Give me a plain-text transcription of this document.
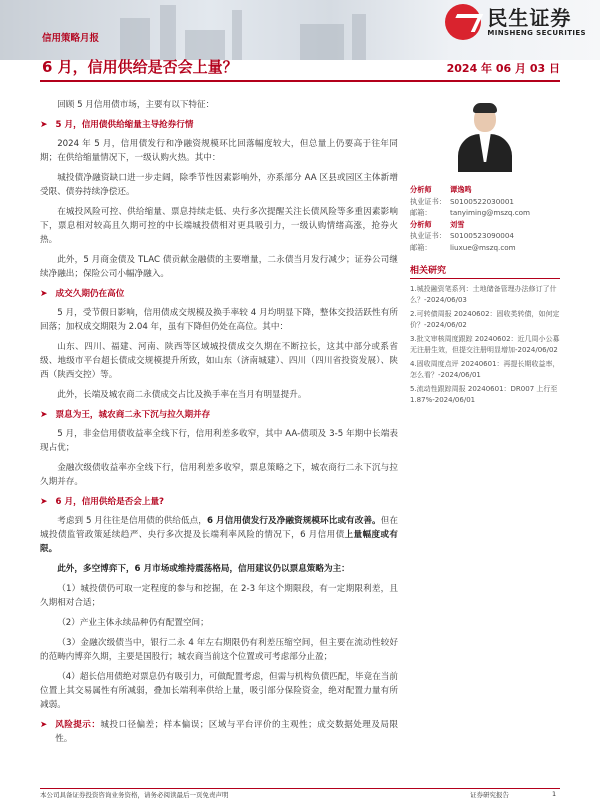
民生证券
MINSHENG SECURITIES
信用策略月报
6 月，信用供给是否会上量？	2024 年 06 月 03 日

回顾 5 月信用债市场，主要有以下特征：

➤ 5 月，信用债供给缩量主导抢券行情

2024 年 5 月，信用债发行和净融资规模环比回落幅度较大，但总量上仍要高于往年同期；在供给缩量情况下，一级认购火热。其中：

城投债净融资缺口进一步走阔，除季节性因素影响外，亦系部分 AA 区县或园区主体新增受限、债券持续净偿还。

在城投风险可控、供给缩量、票息持续走低、央行多次提醒关注长债风险等多重因素影响下，票息相对较高且久期可控的中长端城投债相对更具吸引力，一级认购情绪高涨，抢券火热。

此外，5 月商金债及 TLAC 债贡献金融债的主要增量，二永债当月发行减少；证券公司继续净融出；保险公司小幅净融入。

➤ 成交久期仍在高位

5 月，受节假日影响，信用债成交规模及换手率较 4 月均明显下降，整体交投活跃性有所回落；加权成交期限为 2.04 年，虽有下降但仍处在高位。其中：

山东、四川、福建、河南、陕西等区域城投债成交久期在不断拉长，这其中部分或系省级、地级市平台超长债成交规模提升所致，如山东（济南城建）、四川（四川省投资发展）、陕西（陕西交控）等。

此外，长端及城农商二永债成交占比及换手率在当月有明显提升。

➤ 票息为王，城农商二永下沉与拉久期并存

5 月，非金信用债收益率全线下行，信用利差多收窄，其中 AA-债项及 3-5 年期中长端表现占优；

金融次级债收益率亦全线下行，信用利差多收窄，票息策略之下，城农商行二永下沉与拉久期并存。

➤ 6 月，信用供给是否会上量?

考虑到 5 月往往是信用债的供给低点，6 月信用债发行及净融资规模环比或有改善。但在城投债监管政策延续趋严、央行多次提及长端利率风险的情况下，6 月信用债上量幅度或有限。

此外，多空博弈下，6 月市场或维持震荡格局，信用建议仍以票息策略为主：

（1）城投债仍可取一定程度的参与和挖掘，在 2-3 年这个期限段，有一定期限利差，且久期相对合适；

（2）产业主体永续品种仍有配置空间；

（3）金融次级债当中，银行二永 4 年左右期限仍有利差压缩空间，但主要在流动性较好的范畴内博弈久期，主要是国股行；城农商当前这个位置或可考虑部分止盈；

（4）超长信用债绝对票息仍有吸引力，可做配置考虑，但需与机构负债匹配，毕竟在当前位置上其交易属性有所减弱，叠加长端利率供给上量，吸引部分保险资金，绝对配置力量有所减弱。

➤ 风险提示：城投口径偏差；样本偏误；区域与平台评价的主观性；成交数据处理及局限性。

分析师	谭逸鸣
执业证书： S0100522030001
邮箱：	tanyiming@mszq.com
分析师	刘雪
执业证书： S0100523090004
邮箱：	liuxue@mszq.com
相关研究
1.城投融资笔系列：土地储备管理办法修订了什么？-2024/06/03
2.可转债周报 20240602：固收类转债，如何定价？-2024/06/02
3.批文审核周度跟踪 20240602：近几周小公募无注册生效，但提交注册明显增加-2024/06/02
4.固收周度点评 20240601：再提长期收益率，怎么看？-2024/06/01
5.流动性跟踪周报 20240601：DR007 上行至 1.87%-2024/06/01
本公司具备证券投资咨询业务资格，请务必阅读最后一页免责声明	证券研究报告	1
